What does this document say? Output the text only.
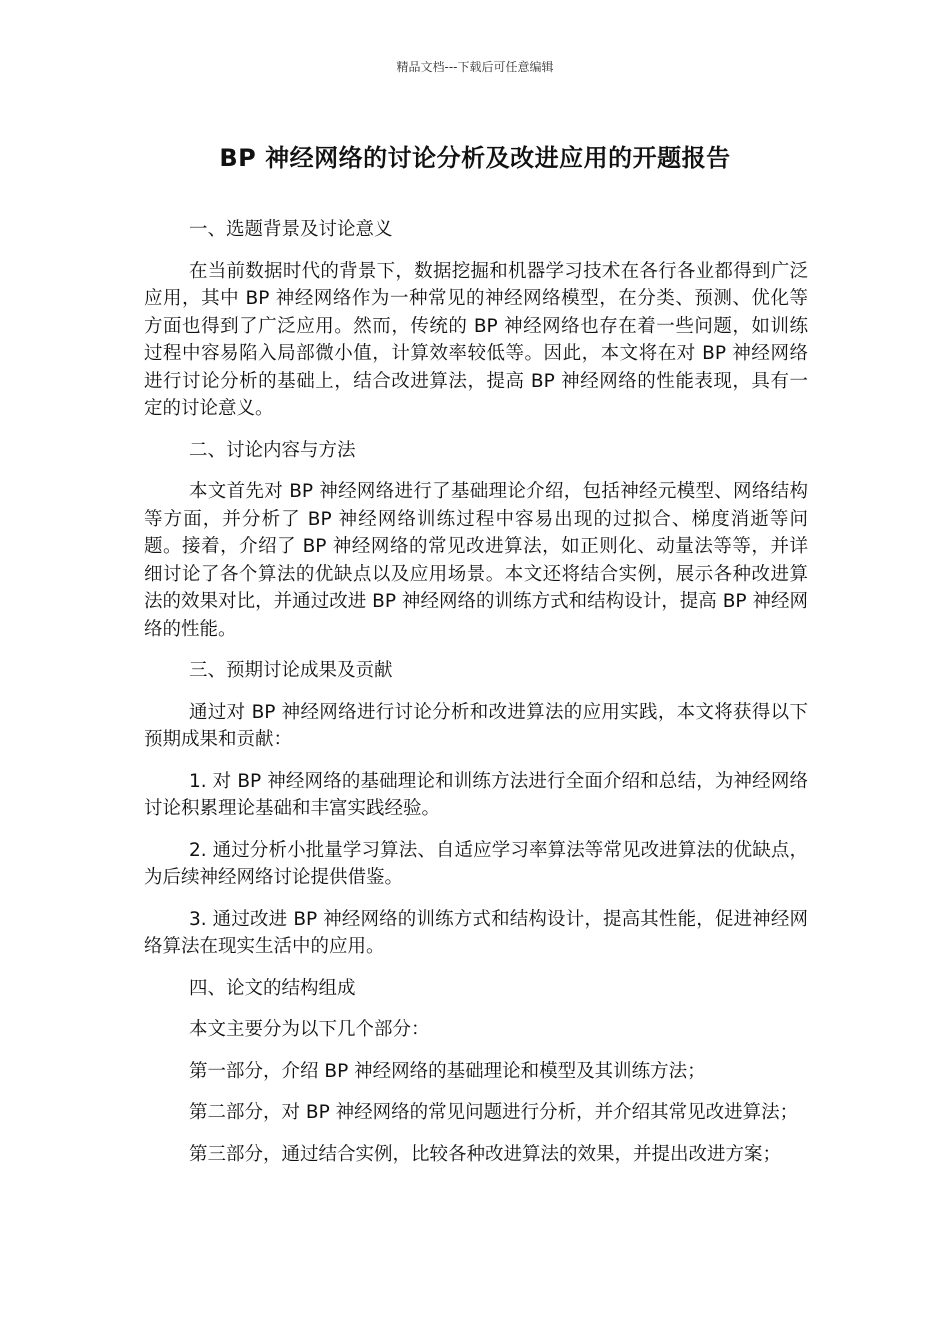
精品文档---下载后可任意编辑
BP 神经网络的讨论分析及改进应用的开题报告

一、选题背景及讨论意义

在当前数据时代的背景下，数据挖掘和机器学习技术在各行各业都得到广泛应用，其中 BP 神经网络作为一种常见的神经网络模型，在分类、预测、优化等方面也得到了广泛应用。然而，传统的 BP 神经网络也存在着一些问题，如训练过程中容易陷入局部微小值，计算效率较低等。因此，本文将在对 BP 神经网络进行讨论分析的基础上，结合改进算法，提高 BP 神经网络的性能表现，具有一定的讨论意义。

二、讨论内容与方法

本文首先对 BP 神经网络进行了基础理论介绍，包括神经元模型、网络结构等方面，并分析了 BP 神经网络训练过程中容易出现的过拟合、梯度消逝等问题。接着，介绍了 BP 神经网络的常见改进算法，如正则化、动量法等等，并详细讨论了各个算法的优缺点以及应用场景。本文还将结合实例，展示各种改进算法的效果对比，并通过改进 BP 神经网络的训练方式和结构设计，提高 BP 神经网络的性能。

三、预期讨论成果及贡献

通过对 BP 神经网络进行讨论分析和改进算法的应用实践，本文将获得以下预期成果和贡献：

1. 对 BP 神经网络的基础理论和训练方法进行全面介绍和总结，为神经网络讨论积累理论基础和丰富实践经验。

2. 通过分析小批量学习算法、自适应学习率算法等常见改进算法的优缺点，为后续神经网络讨论提供借鉴。

3. 通过改进 BP 神经网络的训练方式和结构设计，提高其性能，促进神经网络算法在现实生活中的应用。

四、论文的结构组成

本文主要分为以下几个部分：

第一部分，介绍 BP 神经网络的基础理论和模型及其训练方法；

第二部分，对 BP 神经网络的常见问题进行分析，并介绍其常见改进算法；

第三部分，通过结合实例，比较各种改进算法的效果，并提出改进方案；
